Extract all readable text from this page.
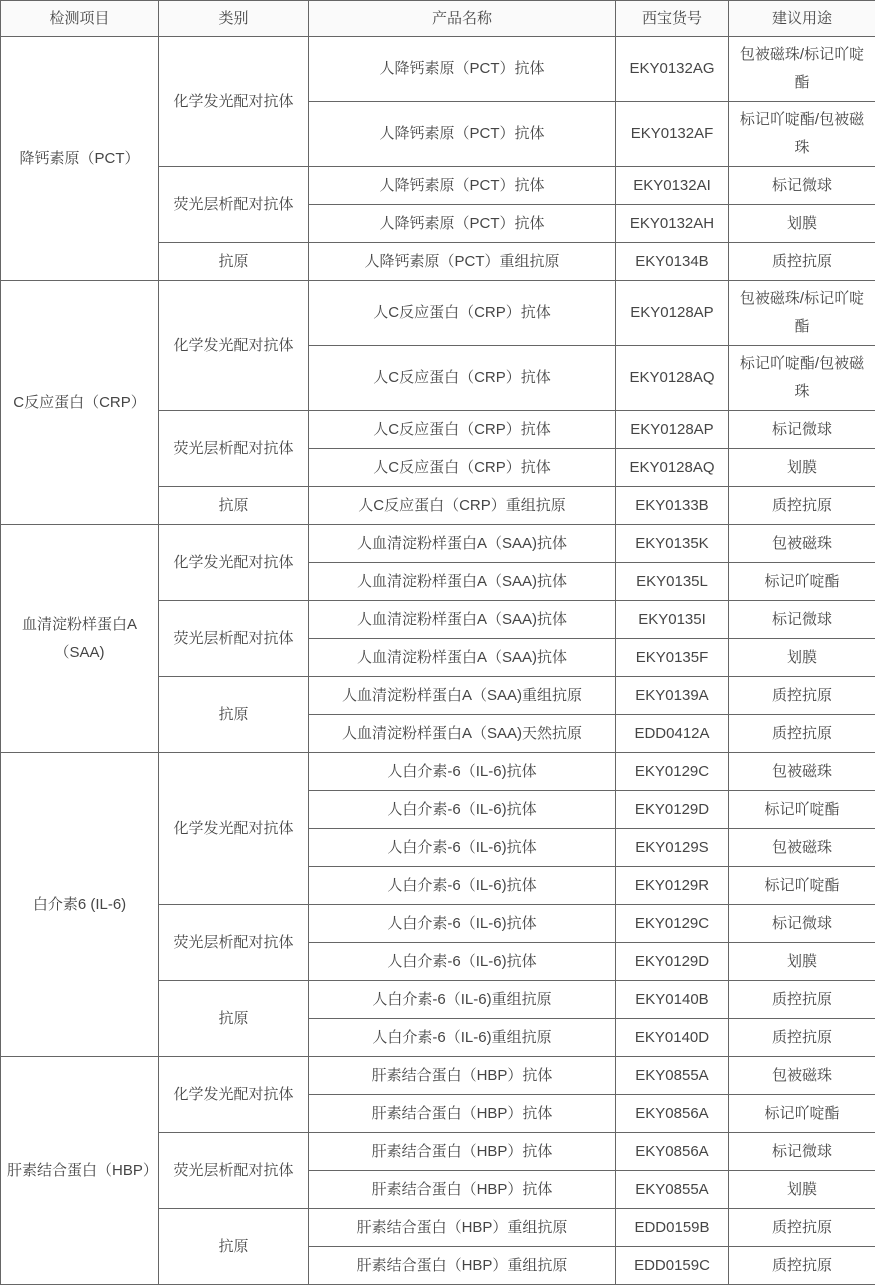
检测项目	类别	产品名称	西宝货号	建议用途
降钙素原（PCT）	化学发光配对抗体	人降钙素原（PCT）抗体	EKY0132AG	包被磁珠/标记吖啶酯
		人降钙素原（PCT）抗体	EKY0132AF	标记吖啶酯/包被磁珠
	荧光层析配对抗体	人降钙素原（PCT）抗体	EKY0132AI	标记微球
		人降钙素原（PCT）抗体	EKY0132AH	划膜
	抗原	人降钙素原（PCT）重组抗原	EKY0134B	质控抗原
C反应蛋白（CRP）	化学发光配对抗体	人C反应蛋白（CRP）抗体	EKY0128AP	包被磁珠/标记吖啶酯
		人C反应蛋白（CRP）抗体	EKY0128AQ	标记吖啶酯/包被磁珠
	荧光层析配对抗体	人C反应蛋白（CRP）抗体	EKY0128AP	标记微球
		人C反应蛋白（CRP）抗体	EKY0128AQ	划膜
	抗原	人C反应蛋白（CRP）重组抗原	EKY0133B	质控抗原
血清淀粉样蛋白A（SAA)	化学发光配对抗体	人血清淀粉样蛋白A（SAA)抗体	EKY0135K	包被磁珠
		人血清淀粉样蛋白A（SAA)抗体	EKY0135L	标记吖啶酯
	荧光层析配对抗体	人血清淀粉样蛋白A（SAA)抗体	EKY0135I	标记微球
		人血清淀粉样蛋白A（SAA)抗体	EKY0135F	划膜
	抗原	人血清淀粉样蛋白A（SAA)重组抗原	EKY0139A	质控抗原
		人血清淀粉样蛋白A（SAA)天然抗原	EDD0412A	质控抗原
白介素6 (IL-6)	化学发光配对抗体	人白介素-6（IL-6)抗体	EKY0129C	包被磁珠
		人白介素-6（IL-6)抗体	EKY0129D	标记吖啶酯
		人白介素-6（IL-6)抗体	EKY0129S	包被磁珠
		人白介素-6（IL-6)抗体	EKY0129R	标记吖啶酯
	荧光层析配对抗体	人白介素-6（IL-6)抗体	EKY0129C	标记微球
		人白介素-6（IL-6)抗体	EKY0129D	划膜
	抗原	人白介素-6（IL-6)重组抗原	EKY0140B	质控抗原
		人白介素-6（IL-6)重组抗原	EKY0140D	质控抗原
肝素结合蛋白（HBP）	化学发光配对抗体	肝素结合蛋白（HBP）抗体	EKY0855A	包被磁珠
		肝素结合蛋白（HBP）抗体	EKY0856A	标记吖啶酯
	荧光层析配对抗体	肝素结合蛋白（HBP）抗体	EKY0856A	标记微球
		肝素结合蛋白（HBP）抗体	EKY0855A	划膜
	抗原	肝素结合蛋白（HBP）重组抗原	EDD0159B	质控抗原
		肝素结合蛋白（HBP）重组抗原	EDD0159C	质控抗原
